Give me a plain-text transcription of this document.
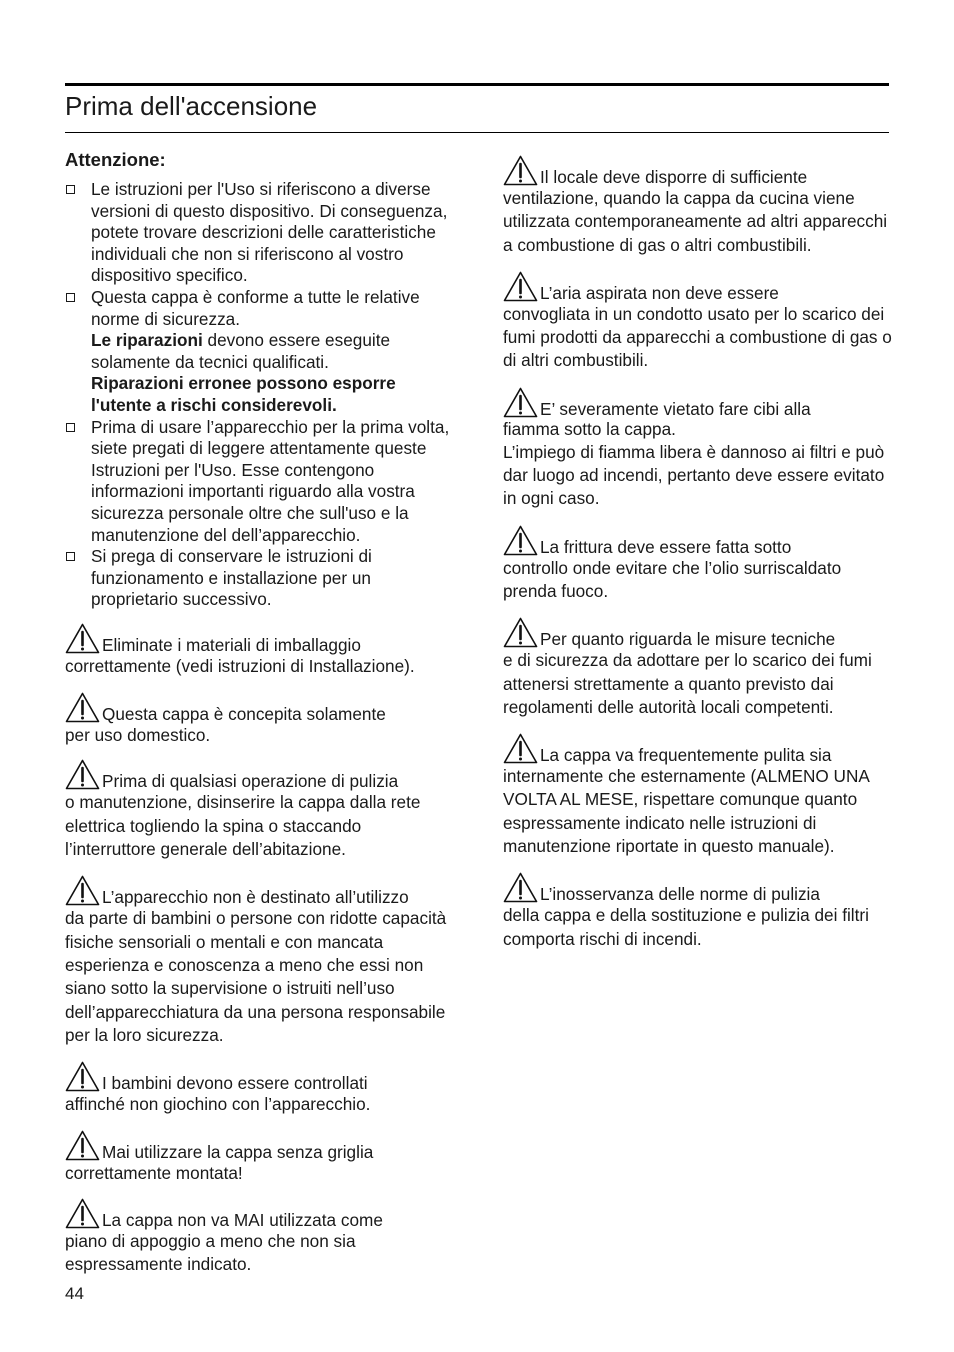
Prima dell'accensione
Attenzione:
Le istruzioni per l'Uso si riferiscono a diverse versioni di questo dispositivo. Di conseguenza, potete trovare descrizioni delle caratteristiche individuali che non si riferiscono al vostro dispositivo specifico.
Questa cappa è conforme a tutte le relative norme di sicurezza.
Le riparazioni devono essere eseguite solamente da tecnici qualificati.
Riparazioni erronee possono esporre l'utente a rischi considerevoli.
Prima di usare l’apparecchio per la prima volta, siete pregati di leggere attentamente queste Istruzioni per l'Uso. Esse contengono informazioni importanti riguardo alla vostra sicurezza personale oltre che sull'uso e la manutenzione del dell’apparecchio.
Si prega di conservare le istruzioni di funzionamento e installazione per un proprietario successivo.
Eliminate i materiali di imballaggio
correttamente (vedi istruzioni di Installazione).
Questa cappa è concepita solamente
per uso domestico.
Prima di qualsiasi operazione di pulizia
o manutenzione, disinserire la cappa dalla rete elettrica togliendo la spina o staccando l’interruttore generale dell’abitazione.
L’apparecchio non è destinato all’utilizzo
da parte di bambini o persone con ridotte capacità fisiche sensoriali o mentali e con mancata esperienza e conoscenza a meno che essi non siano sotto la supervisione o istruiti nell’uso dell’apparecchiatura da una persona responsabile per la loro sicurezza.
I bambini devono essere controllati
affinché non giochino con l’apparecchio.
Mai utilizzare la cappa senza griglia
correttamente montata!
La cappa non va MAI utilizzata come
piano di appoggio a meno che non sia espressamente indicato.
Il locale deve disporre di sufficiente
ventilazione, quando la cappa da cucina viene utilizzata contemporaneamente ad altri apparecchi a combustione di gas o altri combustibili.
L’aria aspirata non deve essere
convogliata in un condotto usato per lo scarico dei fumi prodotti da apparecchi a combustione di gas o di altri combustibili.
E’ severamente vietato fare cibi alla
fiamma sotto la cappa.
L’impiego di fiamma libera è dannoso ai filtri e può dar luogo ad incendi, pertanto deve essere evitato in ogni caso.
La frittura deve essere fatta sotto
controllo onde evitare che l’olio surriscaldato prenda fuoco.
Per quanto riguarda le misure tecniche
e di sicurezza da adottare per lo scarico dei fumi attenersi strettamente a quanto previsto dai regolamenti delle autorità locali competenti.
La cappa va frequentemente pulita sia
internamente che esternamente (ALMENO UNA VOLTA AL MESE, rispettare comunque quanto espressamente indicato nelle istruzioni di manutenzione riportate in questo manuale).
L’inosservanza delle norme di pulizia
della cappa e della sostituzione e pulizia dei filtri comporta rischi di incendi.
44
